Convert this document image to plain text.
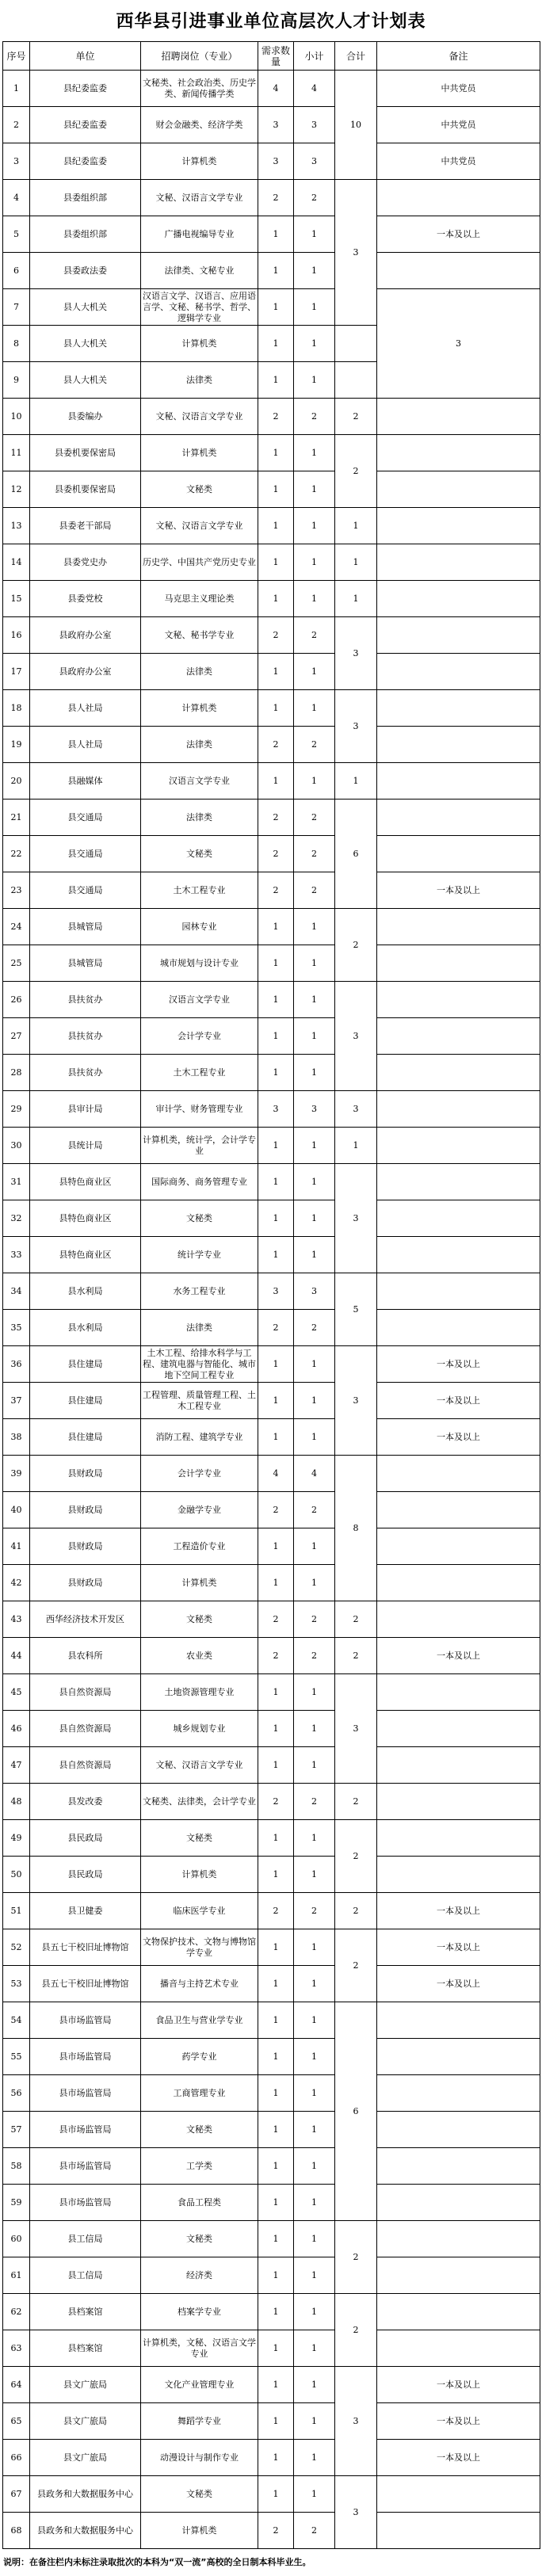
西华县引进事业单位高层次人才计划表
序号	单位	招聘岗位（专业）	需求数量	小计	合计	备注	
1	县纪委监委	文秘类、社会政治类、历史学类、新闻传播学类	4	4	10	中共党员	
2	县纪委监委	财会金融类、经济学类	3	3		中共党员	
3	县纪委监委	计算机类	3	3		中共党员	
4	县委组织部	文秘、汉语言文学专业	2	2	3		
5	县委组织部	广播电视编导专业	1	1		一本及以上	
6	县委政法委	法律类、文秘专业	1	1			
7	县人大机关	汉语言文学、汉语言、应用语言学、文秘、秘书学、哲学、逻辑学专业	1	1		3	
8	县人大机关	计算机类	1	1			
9	县人大机关	法律类	1	1			
10	县委编办	文秘、汉语言文学专业	2	2	2		
11	县委机要保密局	计算机类	1	1	2		
12	县委机要保密局	文秘类	1	1			
13	县委老干部局	文秘、汉语言文学专业	1	1	1		
14	县委党史办	历史学、中国共产党历史专业	1	1	1		
15	县委党校	马克思主义理论类	1	1	1		
16	县政府办公室	文秘、秘书学专业	2	2	3		
17	县政府办公室	法律类	1	1			
18	县人社局	计算机类	1	1	3		
19	县人社局	法律类	2	2			
20	县融媒体	汉语言文学专业	1	1	1		
21	县交通局	法律类	2	2	6		
22	县交通局	文秘类	2	2			
23	县交通局	土木工程专业	2	2		一本及以上	
24	县城管局	园林专业	1	1	2		
25	县城管局	城市规划与设计专业	1	1			
26	县扶贫办	汉语言文学专业	1	1	3		
27	县扶贫办	会计学专业	1	1			
28	县扶贫办	土木工程专业	1	1			
29	县审计局	审计学、财务管理专业	3	3	3		
30	县统计局	计算机类，统计学，会计学专业	1	1	1		
31	县特色商业区	国际商务、商务管理专业	1	1	3		
32	县特色商业区	文秘类	1	1			
33	县特色商业区	统计学专业	1	1			
34	县水利局	水务工程专业	3	3	5		
35	县水利局	法律类	2	2			
36	县住建局	土木工程、给排水科学与工程、建筑电器与智能化、城市地下空间工程专业	1	1	3	一本及以上	
37	县住建局	工程管理、质量管理工程、土木工程专业	1	1		一本及以上	
38	县住建局	消防工程、建筑学专业	1	1		一本及以上	
39	县财政局	会计学专业	4	4	8		
40	县财政局	金融学专业	2	2			
41	县财政局	工程造价专业	1	1			
42	县财政局	计算机类	1	1			
43	西华经济技术开发区	文秘类	2	2	2		
44	县农科所	农业类	2	2	2	一本及以上	
45	县自然资源局	土地资源管理专业	1	1	3		
46	县自然资源局	城乡规划专业	1	1			
47	县自然资源局	文秘、汉语言文学专业	1	1			
48	县发改委	文秘类、法律类，会计学专业	2	2	2		
49	县民政局	文秘类	1	1	2		
50	县民政局	计算机类	1	1			
51	县卫健委	临床医学专业	2	2	2	一本及以上	
52	县五七干校旧址博物馆	文物保护技术、文物与博物馆学专业	1	1	2	一本及以上	
53	县五七干校旧址博物馆	播音与主持艺术专业	1	1		一本及以上	
54	县市场监管局	食品卫生与营业学专业	1	1	6		
55	县市场监管局	药学专业	1	1			
56	县市场监管局	工商管理专业	1	1			
57	县市场监管局	文秘类	1	1			
58	县市场监管局	工学类	1	1			
59	县市场监管局	食品工程类	1	1			
60	县工信局	文秘类	1	1	2		
61	县工信局	经济类	1	1			
62	县档案馆	档案学专业	1	1	2		
63	县档案馆	计算机类，文秘、汉语言文学专业	1	1			
64	县文广旅局	文化产业管理专业	1	1	3	一本及以上	
65	县文广旅局	舞蹈学专业	1	1		一本及以上	
66	县文广旅局	动漫设计与制作专业	1	1		一本及以上	
67	县政务和大数据服务中心	文秘类	1	1	3		
68	县政务和大数据服务中心	计算机类	2	2			
说明：在备注栏内未标注录取批次的本科为“双一流”高校的全日制本科毕业生。
